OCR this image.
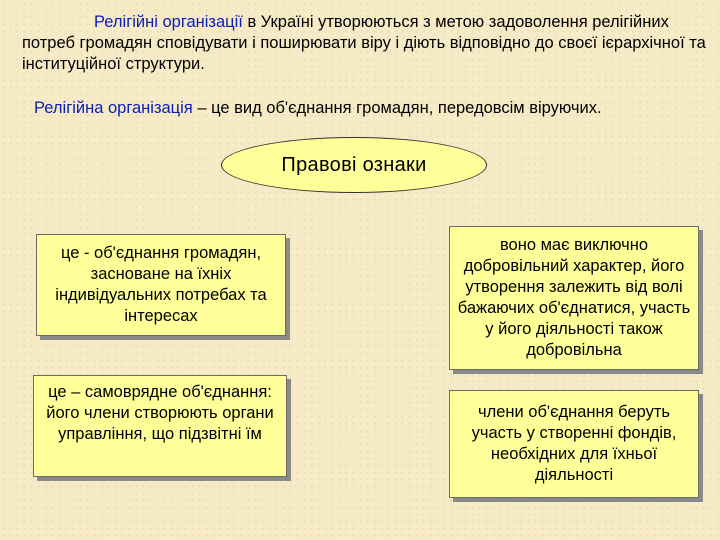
Релігійні організації в Україні утворюються з метою задоволення релігійних потреб громадян сповідувати і поширювати віру і діють відповідно до своєї ієрархічної та інституційної структури.
Релігійна організація – це вид об'єднання громадян, передовсім віруючих.
Правові ознаки
це - об'єднання громадян, засноване на їхніх індивідуальних потребах та інтересах
воно має виключно добровільний характер, його утворення залежить від волі бажаючих об'єднатися, участь у його діяльності також добровільна
це – самоврядне об'єднання: його члени створюють органи управління, що підзвітні їм
члени об'єднання беруть участь у створенні фондів, необхідних для їхньої діяльності
